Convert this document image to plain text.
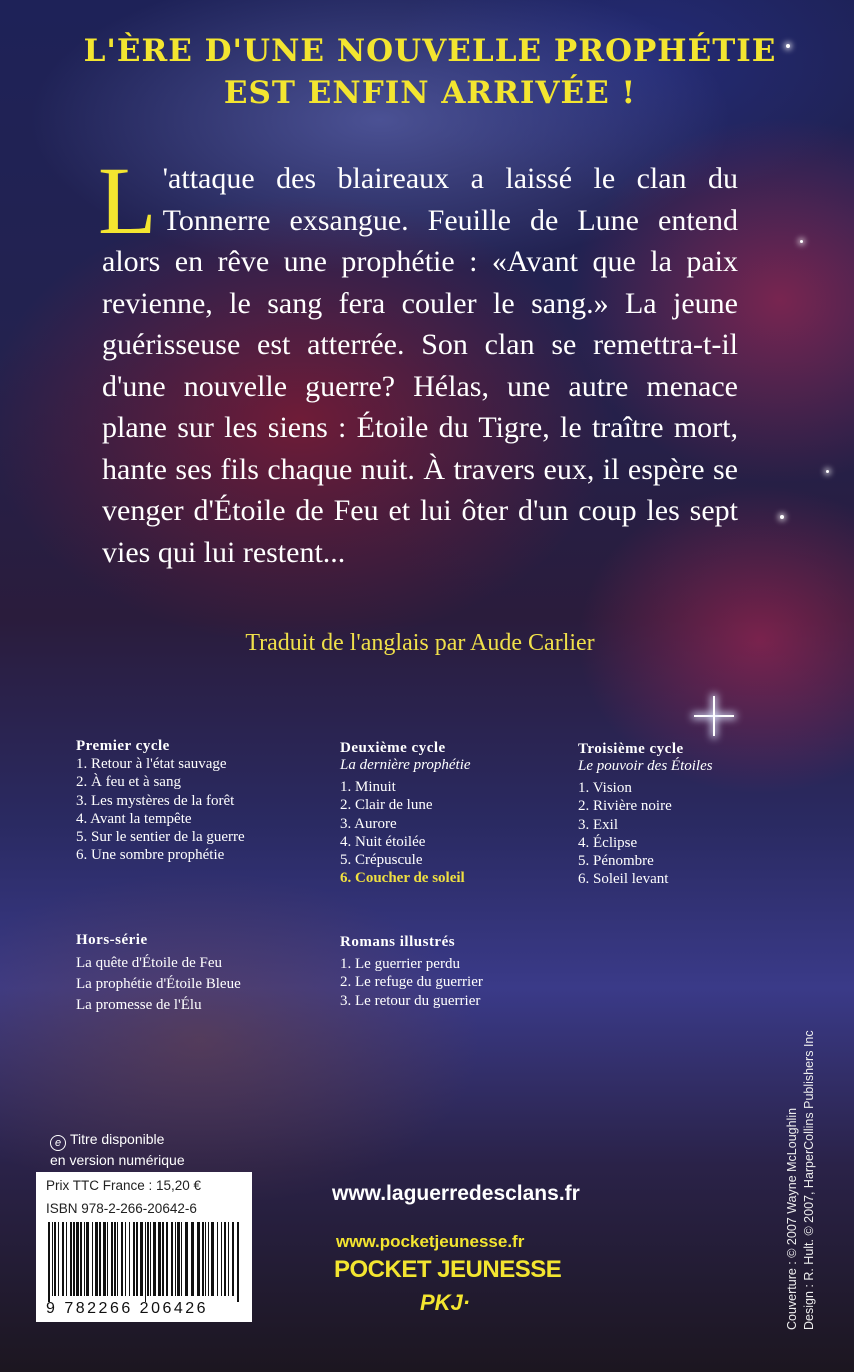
L'ÈRE D'UNE NOUVELLE PROPHÉTIE
EST ENFIN ARRIVÉE !
L 'attaque des blaireaux a laissé le clan du Tonnerre exsangue. Feuille de Lune entend alors en rêve une prophétie : «Avant que la paix revienne, le sang fera couler le sang.» La jeune guérisseuse est atterrée. Son clan se remettra-t-il d'une nouvelle guerre? Hélas, une autre menace plane sur les siens : Étoile du Tigre, le traître mort, hante ses fils chaque nuit. À travers eux, il espère se venger d'Étoile de Feu et lui ôter d'un coup les sept vies qui lui restent...
Traduit de l'anglais par Aude Carlier
Premier cycle
1. Retour à l'état sauvage
2. À feu et à sang
3. Les mystères de la forêt
4. Avant la tempête
5. Sur le sentier de la guerre
6. Une sombre prophétie
Deuxième cycle
La dernière prophétie
1. Minuit
2. Clair de lune
3. Aurore
4. Nuit étoilée
5. Crépuscule
6. Coucher de soleil
Troisième cycle
Le pouvoir des Étoiles
1. Vision
2. Rivière noire
3. Exil
4. Éclipse
5. Pénombre
6. Soleil levant
Hors-série
La quête d'Étoile de Feu
La prophétie d'Étoile Bleue
La promesse de l'Élu
Romans illustrés
1. Le guerrier perdu
2. Le refuge du guerrier
3. Le retour du guerrier
e Titre disponible
en version numérique
Prix TTC France : 15,20 €
ISBN 978-2-266-20642-6
9 782266 206426
www.laguerredesclans.fr
www.pocketjeunesse.fr
POCKET JEUNESSE
PKJ·	Couverture : © 2007 Wayne McLoughlin Design : R. Hult. © 2007, HarperCollins Publishers Inc
